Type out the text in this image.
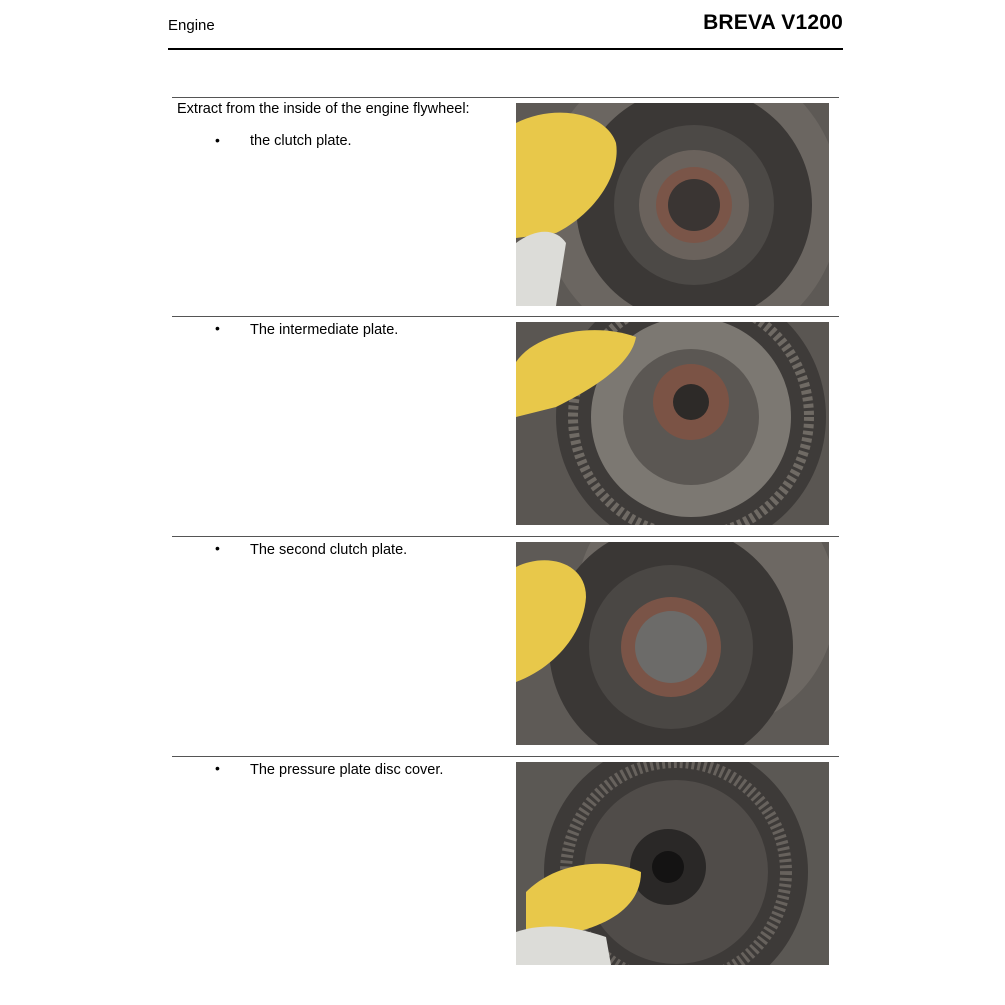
Engine	BREVA V1200
Extract from the inside of the engine flywheel:
• the clutch plate.
• The intermediate plate.
• The second clutch plate.
• The pressure plate disc cover.
